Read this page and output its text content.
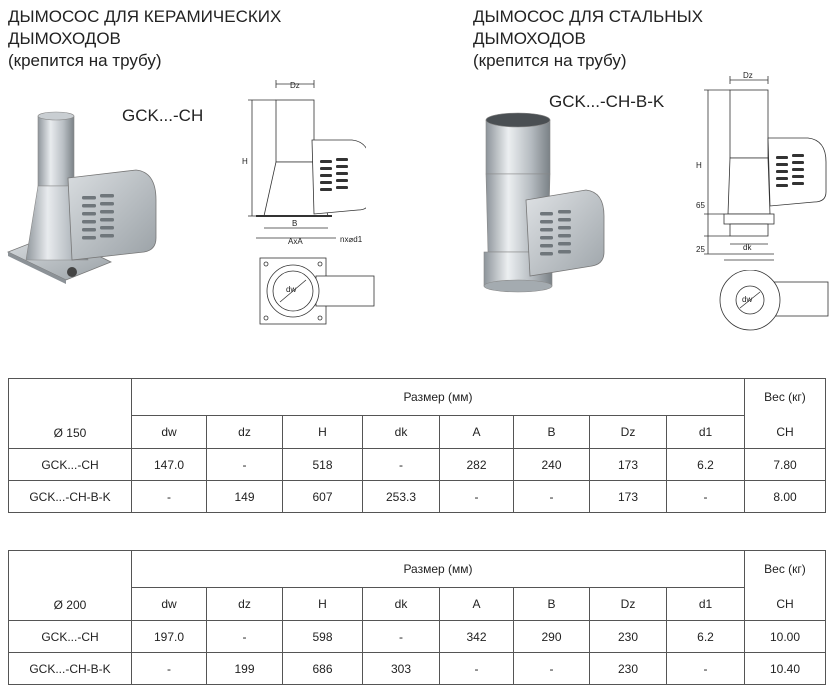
ДЫМОСОС ДЛЯ КЕРАМИЧЕСКИХ
ДЫМОХОДОВ
(крепится на трубу)
ДЫМОСОС ДЛЯ СТАЛЬНЫХ
ДЫМОХОДОВ
(крепится на трубу)
GCK...-CH
GCK...-CH-B-K
Dz
H
B
AxA	nx⌀d1
dw
Dz
H
65
25	dk
dw
Ø 150	Размер (мм)								Вес (кг)
	dw	dz	H	dk	A	B	Dz	d1	CH
GCK...-CH	147.0	-	518	-	282	240	173	6.2	7.80
GCK...-CH-B-K	-	149	607	253.3	-	-	173	-	8.00
Ø 200	Размер (мм)								Вес (кг)
	dw	dz	H	dk	A	B	Dz	d1	CH
GCK...-CH	197.0	-	598	-	342	290	230	6.2	10.00
GCK...-CH-B-K	-	199	686	303	-	-	230	-	10.40
